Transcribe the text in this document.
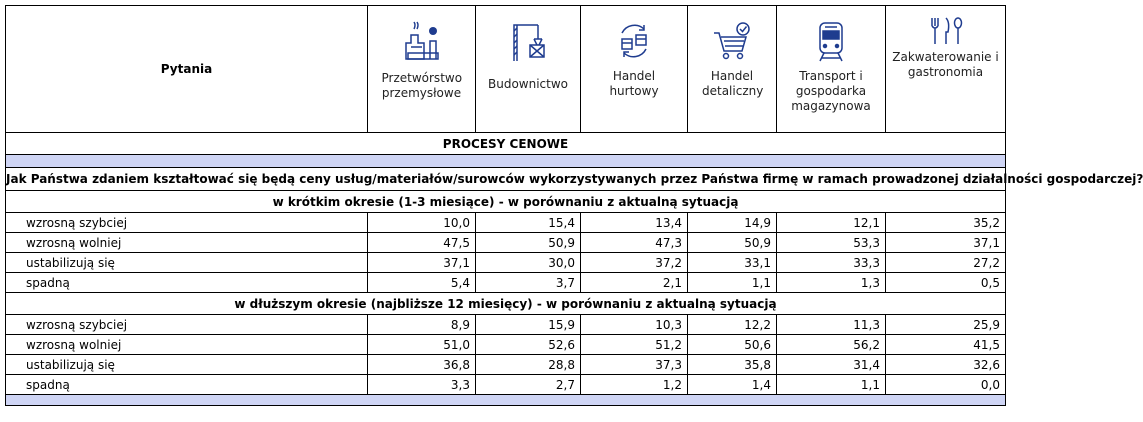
Pytania	Przetwórstwo przemysłowe	Budownictwo	Handel hurtowy	Handel detaliczny	Transport i gospodarka magazynowa	Zakwaterowanie i gastronomia

PROCESY CENOWE						

Jak Państwa zdaniem kształtować się będą ceny usług/materiałów/surowców wykorzystywanych przez Państwa firmę w ramach prowadzonej działalności gospodarczej?						
w krótkim okresie (1-3 miesiące) - w porównaniu z aktualną sytuacją						
wzrosną szybciej	10,0	15,4	13,4	14,9	12,1	35,2
wzrosną wolniej	47,5	50,9	47,3	50,9	53,3	37,1
ustabilizują się	37,1	30,0	37,2	33,1	33,3	27,2
spadną	5,4	3,7	2,1	1,1	1,3	0,5
w dłuższym okresie (najbliższe 12 miesięcy) - w porównaniu z aktualną sytuacją						
wzrosną szybciej	8,9	15,9	10,3	12,2	11,3	25,9
wzrosną wolniej	51,0	52,6	51,2	50,6	56,2	41,5
ustabilizują się	36,8	28,8	37,3	35,8	31,4	32,6
spadną	3,3	2,7	1,2	1,4	1,1	0,0
